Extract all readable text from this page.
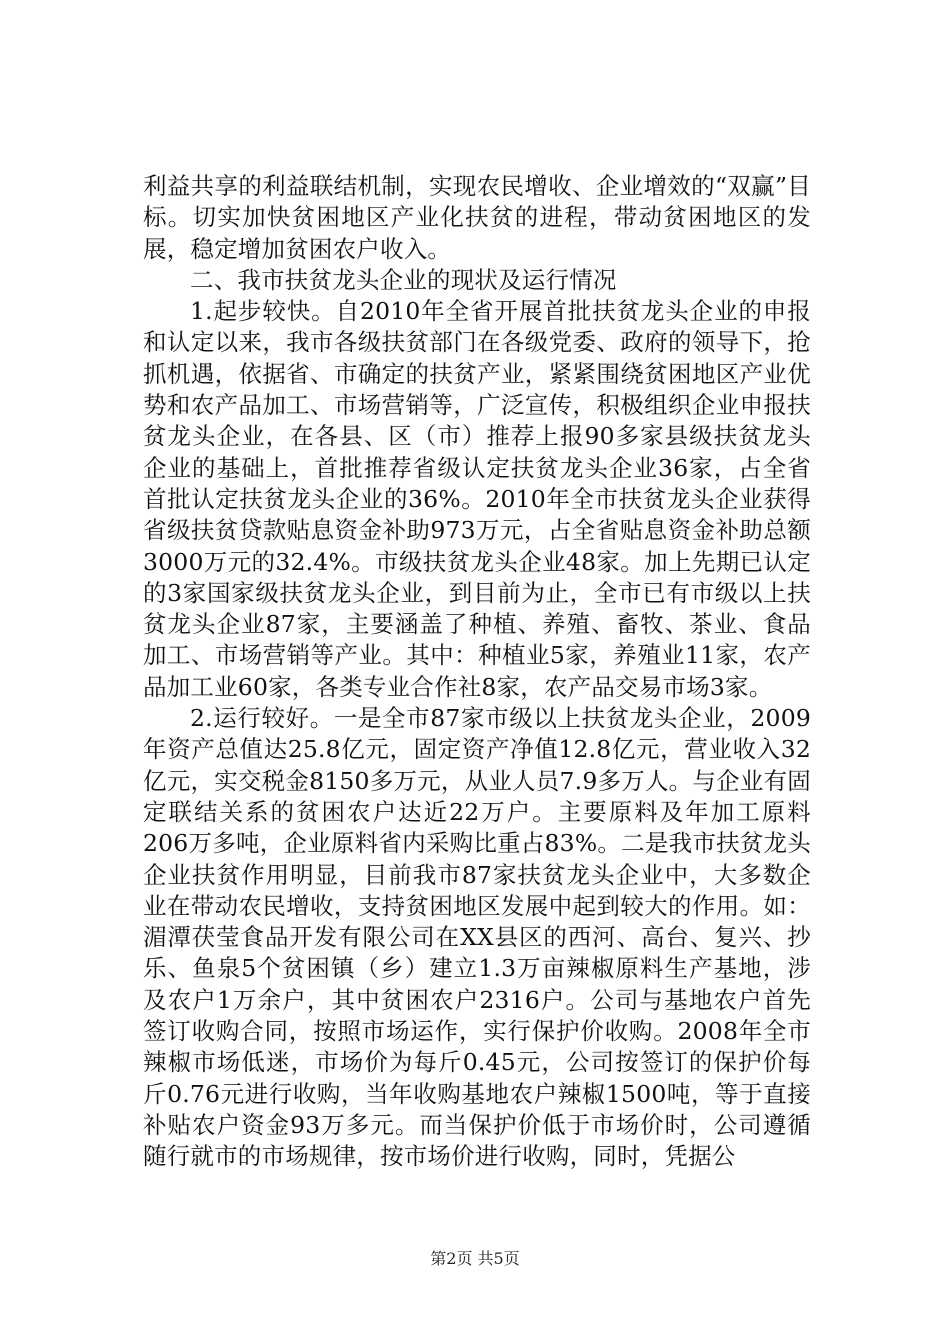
利益共享的利益联结机制，实现农民增收、企业增效的“双赢”目标。切实加快贫困地区产业化扶贫的进程，带动贫困地区的发展，稳定增加贫困农户收入。

二、我市扶贫龙头企业的现状及运行情况

1.起步较快。自2010年全省开展首批扶贫龙头企业的申报和认定以来，我市各级扶贫部门在各级党委、政府的领导下，抢抓机遇，依据省、市确定的扶贫产业，紧紧围绕贫困地区产业优势和农产品加工、市场营销等，广泛宣传，积极组织企业申报扶贫龙头企业，在各县、区（市）推荐上报90多家县级扶贫龙头企业的基础上，首批推荐省级认定扶贫龙头企业36家，占全省首批认定扶贫龙头企业的36%。2010年全市扶贫龙头企业获得省级扶贫贷款贴息资金补助973万元，占全省贴息资金补助总额3000万元的32.4%。市级扶贫龙头企业48家。加上先期已认定的3家国家级扶贫龙头企业，到目前为止，全市已有市级以上扶贫龙头企业87家，主要涵盖了种植、养殖、畜牧、茶业、食品加工、市场营销等产业。其中：种植业5家，养殖业11家，农产品加工业60家，各类专业合作社8家，农产品交易市场3家。

2.运行较好。一是全市87家市级以上扶贫龙头企业，2009年资产总值达25.8亿元，固定资产净值12.8亿元，营业收入32亿元，实交税金8150多万元，从业人员7.9多万人。与企业有固定联结关系的贫困农户达近22万户。主要原料及年加工原料206万多吨，企业原料省内采购比重占83%。二是我市扶贫龙头企业扶贫作用明显，目前我市87家扶贫龙头企业中，大多数企业在带动农民增收，支持贫困地区发展中起到较大的作用。如：湄潭茯莹食品开发有限公司在XX县区的西河、高台、复兴、抄乐、鱼泉5个贫困镇（乡）建立1.3万亩辣椒原料生产基地，涉及农户1万余户，其中贫困农户2316户。公司与基地农户首先签订收购合同，按照市场运作，实行保护价收购。2008年全市辣椒市场低迷，市场价为每斤0.45元，公司按签订的保护价每斤0.76元进行收购，当年收购基地农户辣椒1500吨，等于直接补贴农户资金93万多元。而当保护价低于市场价时，公司遵循随行就市的市场规律，按市场价进行收购，同时，凭据公

第2页 共5页
